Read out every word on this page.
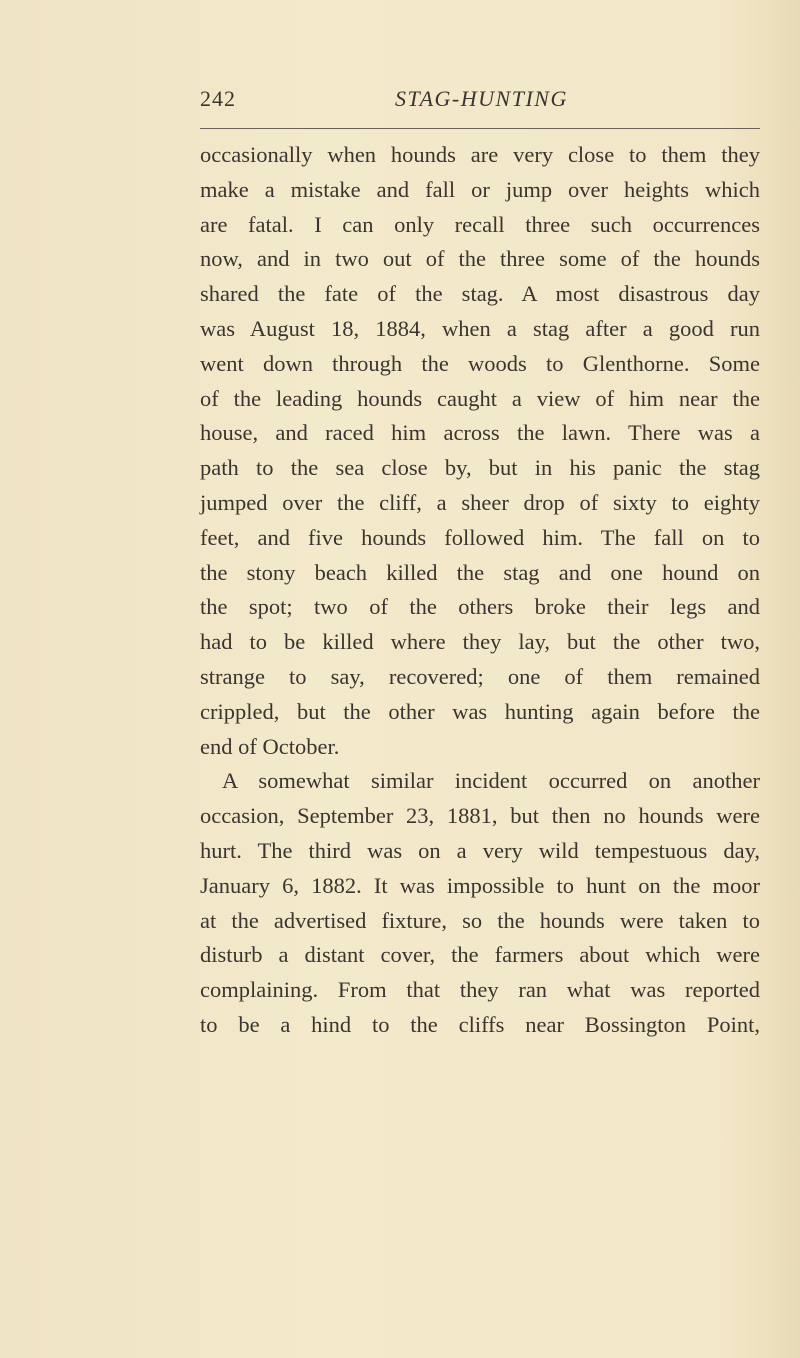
242	STAG-HUNTING
occasionally when hounds are very close to them they
make a mistake and fall or jump over heights which
are fatal. I can only recall three such occurrences
now, and in two out of the three some of the hounds
shared the fate of the stag. A most disastrous day
was August 18, 1884, when a stag after a good run
went down through the woods to Glenthorne. Some
of the leading hounds caught a view of him near the
house, and raced him across the lawn. There was a
path to the sea close by, but in his panic the stag
jumped over the cliff, a sheer drop of sixty to eighty
feet, and five hounds followed him. The fall on to
the stony beach killed the stag and one hound on
the spot; two of the others broke their legs and
had to be killed where they lay, but the other two,
strange to say, recovered; one of them remained
crippled, but the other was hunting again before the
end of October.
A somewhat similar incident occurred on another
occasion, September 23, 1881, but then no hounds were
hurt. The third was on a very wild tempestuous day,
January 6, 1882. It was impossible to hunt on the moor
at the advertised fixture, so the hounds were taken to
disturb a distant cover, the farmers about which were
complaining. From that they ran what was reported
to be a hind to the cliffs near Bossington Point,
